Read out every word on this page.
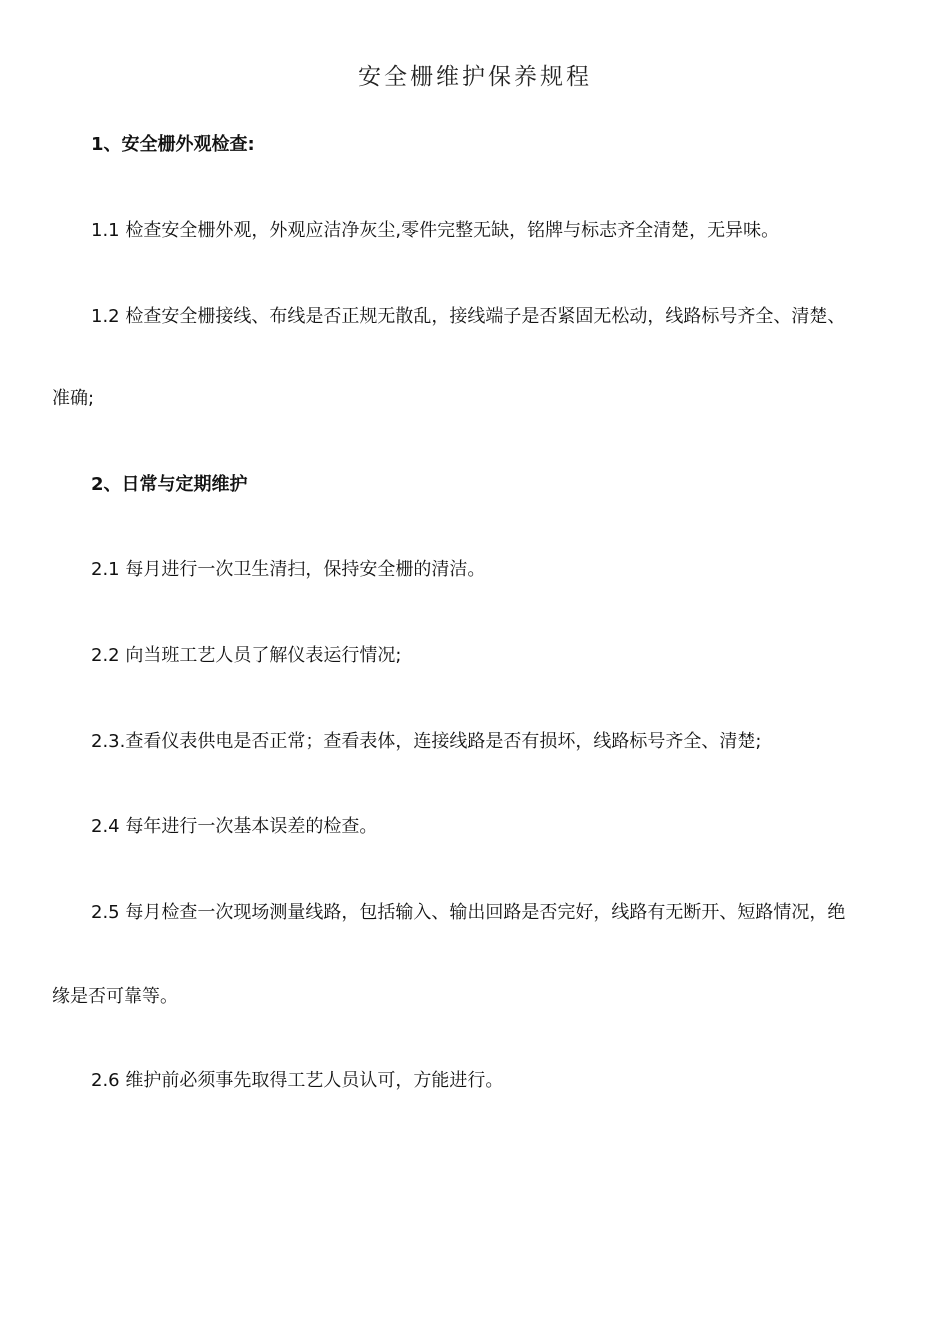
安全栅维护保养规程
1、安全栅外观检查:
1.1 检查安全栅外观，外观应洁净灰尘,零件完整无缺，铭牌与标志齐全清楚，无异味。
1.2 检查安全栅接线、布线是否正规无散乱，接线端子是否紧固无松动，线路标号齐全、清楚、
准确;
2、日常与定期维护
2.1 每月进行一次卫生清扫，保持安全栅的清洁。
2.2 向当班工艺人员了解仪表运行情况;
2.3.查看仪表供电是否正常；查看表体，连接线路是否有损坏，线路标号齐全、清楚;
2.4 每年进行一次基本误差的检查。
2.5 每月检查一次现场测量线路，包括输入、输出回路是否完好，线路有无断开、短路情况，绝
缘是否可靠等。
2.6 维护前必须事先取得工艺人员认可，方能进行。
